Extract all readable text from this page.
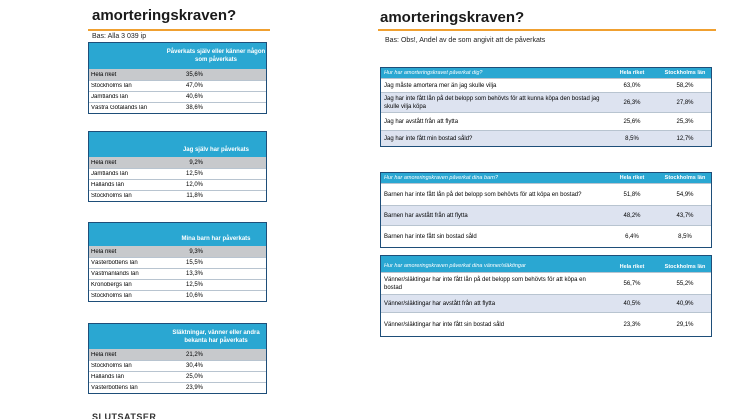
amorteringskraven?
Bas: Alla 3 039 ip
Påverkats själv eller känner någon som påverkats
Hela riket	35,6%
Stockholms län	47,0%
Jämtlands län	40,6%
Västra Götalands län	38,6%
Jag själv har påverkats
Hela riket	9,2%
Jämtlands län	12,5%
Hallands län	12,0%
Stockholms län	11,8%
Mina barn har påverkats
Hela riket	9,3%
Västerbottens län	15,5%
Västmanlands län	13,3%
Kronobergs län	12,5%
Stockholms län	10,6%
Släktningar, vänner eller andra bekanta har påverkats
Hela riket	21,2%
Stockholms län	30,4%
Hallands län	25,0%
Västerbottens län	23,9%
SLUTSATSER
amorteringskraven?
Bas: Obs!, Andel av de som angivit att de påverkats
Hur har amorteringskravet påverkat dig?	Hela riket	Stockholms län
Jag måste amortera mer än jag skulle vilja	63,0%	58,2%
Jag har inte fått lån på det belopp som behövts för att kunna köpa den bostad jag skulle vilja köpa
26,3%	27,8%
Jag har avstått från att flytta	25,6%	25,3%
Jag har inte fått min bostad såld?	8,5%	12,7%
Hur har amoreringskraven påverkat dina barn?	Hela riket	Stockholms län
Barnen har inte fått lån på det belopp som behövts för att köpa en bostad?	51,8%	54,9%
Barnen har avstått från att flytta	48,2%	43,7%
Barnen har inte fått sin bostad såld	6,4%	8,5%
Hur har amoreringskraven påverkat dina vänner/släktingar	Hela riket	Stockholms län
Vänner/släktingar har inte fått lån på det belopp som behövts för att köpa en bostad
56,7%	55,2%
Vänner/släktingar har avstått från att flytta	40,5%	40,9%
Vänner/släktingar har inte fått sin bostad såld	23,3%	29,1%
